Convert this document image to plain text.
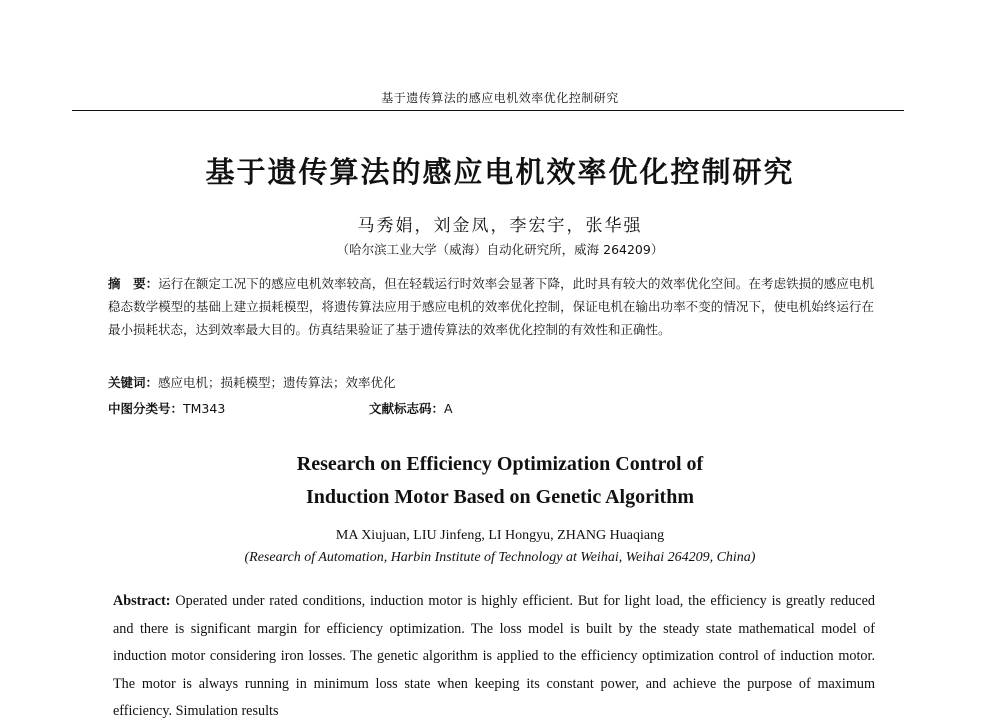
基于遗传算法的感应电机效率优化控制研究
基于遗传算法的感应电机效率优化控制研究
马秀娟，刘金凤，李宏宇，张华强
（哈尔滨工业大学（威海）自动化研究所，威海 264209）
摘　要：运行在额定工况下的感应电机效率较高，但在轻载运行时效率会显著下降，此时具有较大的效率优化空间。在考虑铁损的感应电机稳态数学模型的基础上建立损耗模型，将遗传算法应用于感应电机的效率优化控制，保证电机在输出功率不变的情况下，使电机始终运行在最小损耗状态，达到效率最大目的。仿真结果验证了基于遗传算法的效率优化控制的有效性和正确性。
关键词：感应电机；损耗模型；遗传算法；效率优化
中图分类号：TM343	文献标志码：A
Research on Efficiency Optimization Control of
Induction Motor Based on Genetic Algorithm
MA Xiujuan, LIU Jinfeng, LI Hongyu, ZHANG Huaqiang
(Research of Automation, Harbin Institute of Technology at Weihai, Weihai 264209, China)
Abstract: Operated under rated conditions, induction motor is highly efficient. But for light load, the efficiency is greatly reduced and there is significant margin for efficiency optimization. The loss model is built by the steady state mathematical model of induction motor considering iron losses. The genetic algorithm is applied to the efficiency optimization control of induction motor. The motor is always running in minimum loss state when keeping its constant power, and achieve the purpose of maximum efficiency. Simulation results
